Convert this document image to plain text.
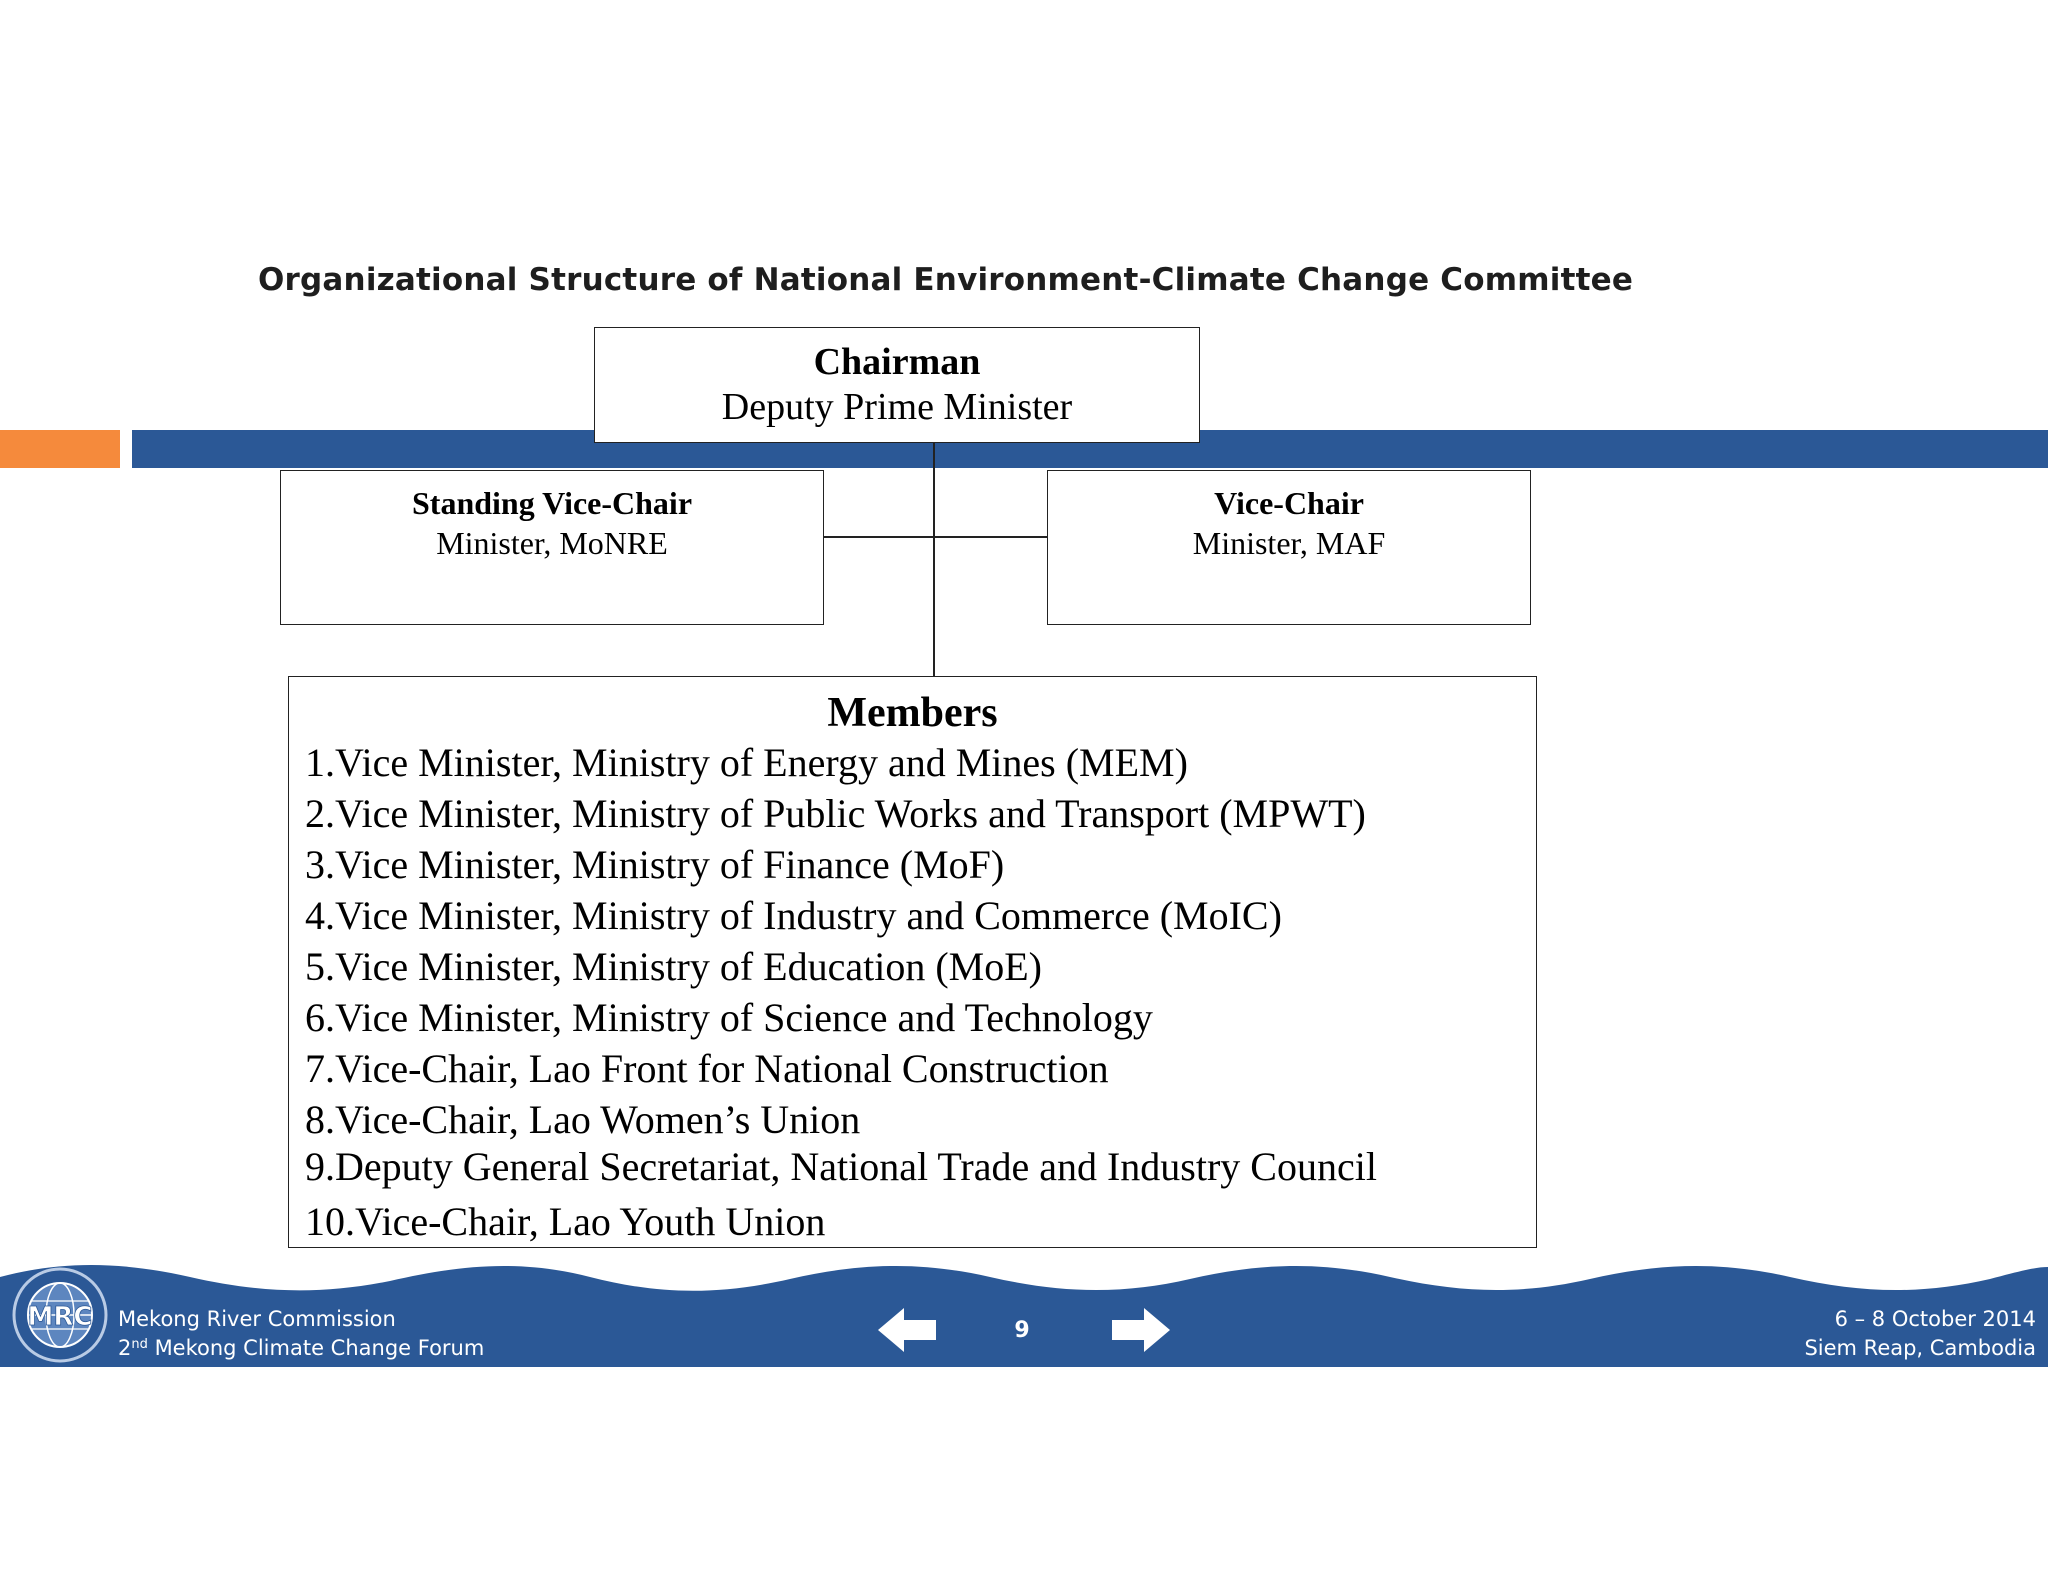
Organizational Structure of National Environment-Climate Change Committee
Chairman
Deputy Prime Minister
Standing Vice-Chair
Minister, MoNRE
Vice-Chair
Minister, MAF
Members
1.Vice Minister, Ministry of Energy and Mines (MEM)
2.Vice Minister, Ministry of Public Works and Transport (MPWT)
3.Vice Minister, Ministry of Finance (MoF)
4.Vice Minister, Ministry of Industry and Commerce (MoIC)
5.Vice Minister, Ministry of Education (MoE)
6.Vice Minister, Ministry of Science and Technology
7.Vice-Chair, Lao Front for National Construction
8.Vice-Chair, Lao Women’s Union
9.Deputy General Secretariat, National Trade and Industry Council
10.Vice-Chair, Lao Youth Union
MRC Mekong River Commission
2nd Mekong Climate Change Forum
9	6 – 8 October 2014
Siem Reap, Cambodia
